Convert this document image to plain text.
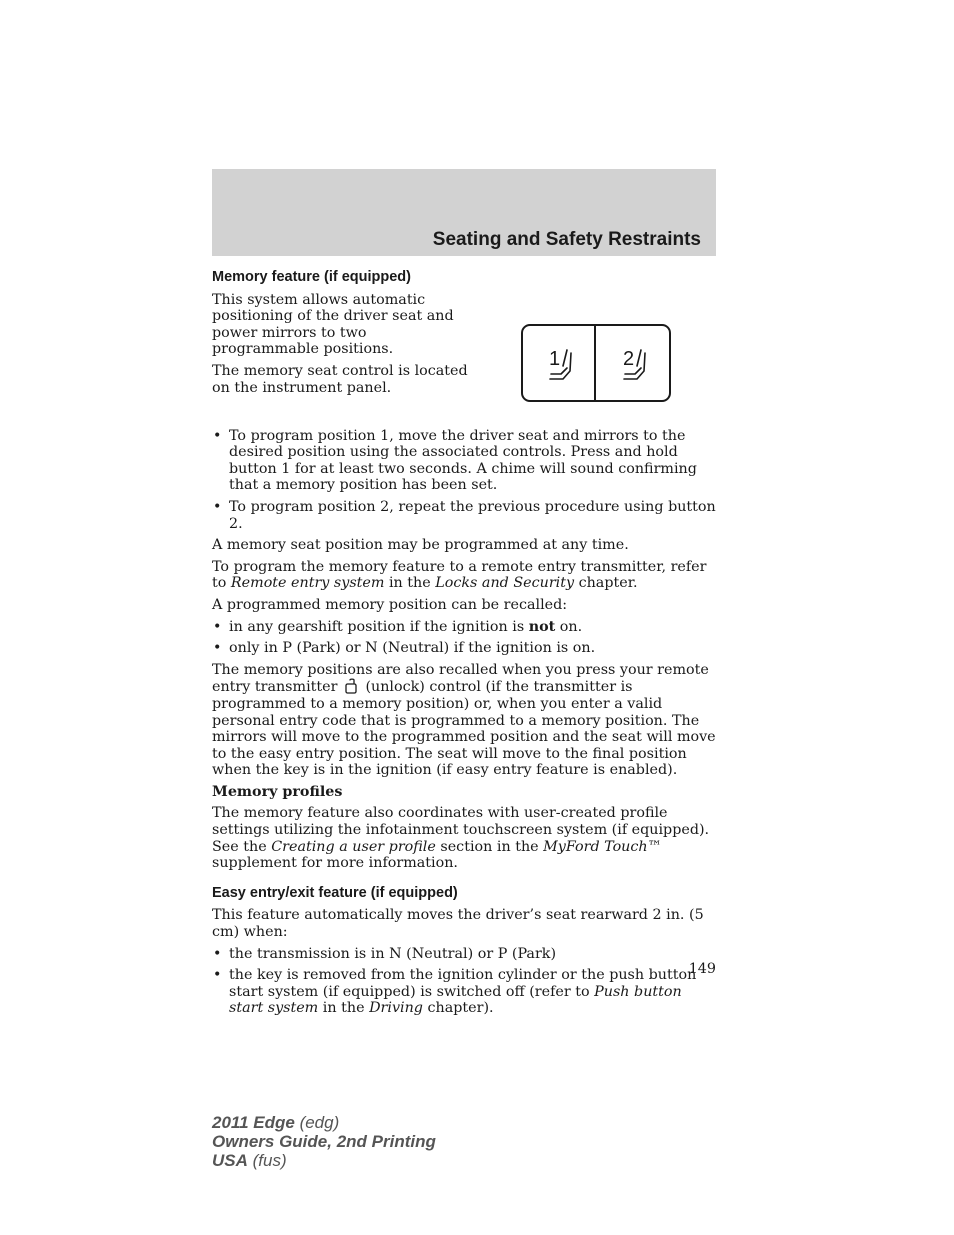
Seating and Safety Restraints
Memory feature (if equipped)

This system allows automatic positioning of the driver seat and power mirrors to two programmable positions.

The memory seat control is located on the instrument panel.

1	2
• To program position 1, move the driver seat and mirrors to the desired position using the associated controls. Press and hold button 1 for at least two seconds. A chime will sound confirming that a memory position has been set.
• To program position 2, repeat the previous procedure using button 2.

A memory seat position may be programmed at any time.

To program the memory feature to a remote entry transmitter, refer to Remote entry system in the Locks and Security chapter.

A programmed memory position can be recalled:

• in any gearshift position if the ignition is not on.
• only in P (Park) or N (Neutral) if the ignition is on.

The memory positions are also recalled when you press your remote entry transmitter (unlock) control (if the transmitter is programmed to a memory position) or, when you enter a valid personal entry code that is programmed to a memory position. The mirrors will move to the programmed position and the seat will move to the easy entry position. The seat will move to the final position when the key is in the ignition (if easy entry feature is enabled).

Memory profiles

The memory feature also coordinates with user-created profile settings utilizing the infotainment touchscreen system (if equipped). See the Creating a user profile section in the MyFord Touch™ supplement for more information.

Easy entry/exit feature (if equipped)

This feature automatically moves the driver’s seat rearward 2 in. (5 cm) when:

• the transmission is in N (Neutral) or P (Park)
• the key is removed from the ignition cylinder or the push button start system (if equipped) is switched off (refer to Push button start system in the Driving chapter).
149
2011 Edge (edg)
Owners Guide, 2nd Printing
USA (fus)
